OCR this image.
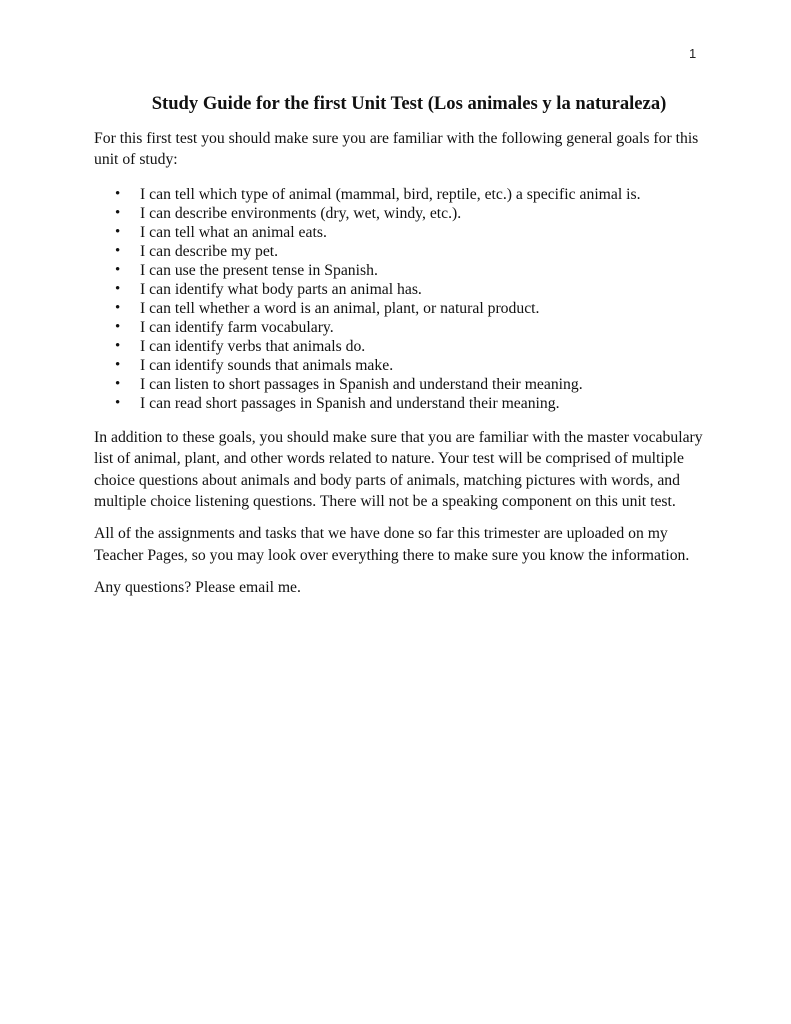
1
Study Guide for the first Unit Test (Los animales y la naturaleza)

For this first test you should make sure you are familiar with the following general goals for this unit of study:

• I can tell which type of animal (mammal, bird, reptile, etc.) a specific animal is.
• I can describe environments (dry, wet, windy, etc.).
• I can tell what an animal eats.
• I can describe my pet.
• I can use the present tense in Spanish.
• I can identify what body parts an animal has.
• I can tell whether a word is an animal, plant, or natural product.
• I can identify farm vocabulary.
• I can identify verbs that animals do.
• I can identify sounds that animals make.
• I can listen to short passages in Spanish and understand their meaning.
• I can read short passages in Spanish and understand their meaning.

In addition to these goals, you should make sure that you are familiar with the master vocabulary list of animal, plant, and other words related to nature. Your test will be comprised of multiple choice questions about animals and body parts of animals, matching pictures with words, and multiple choice listening questions. There will not be a speaking component on this unit test.

All of the assignments and tasks that we have done so far this trimester are uploaded on my Teacher Pages, so you may look over everything there to make sure you know the information.

Any questions? Please email me.
